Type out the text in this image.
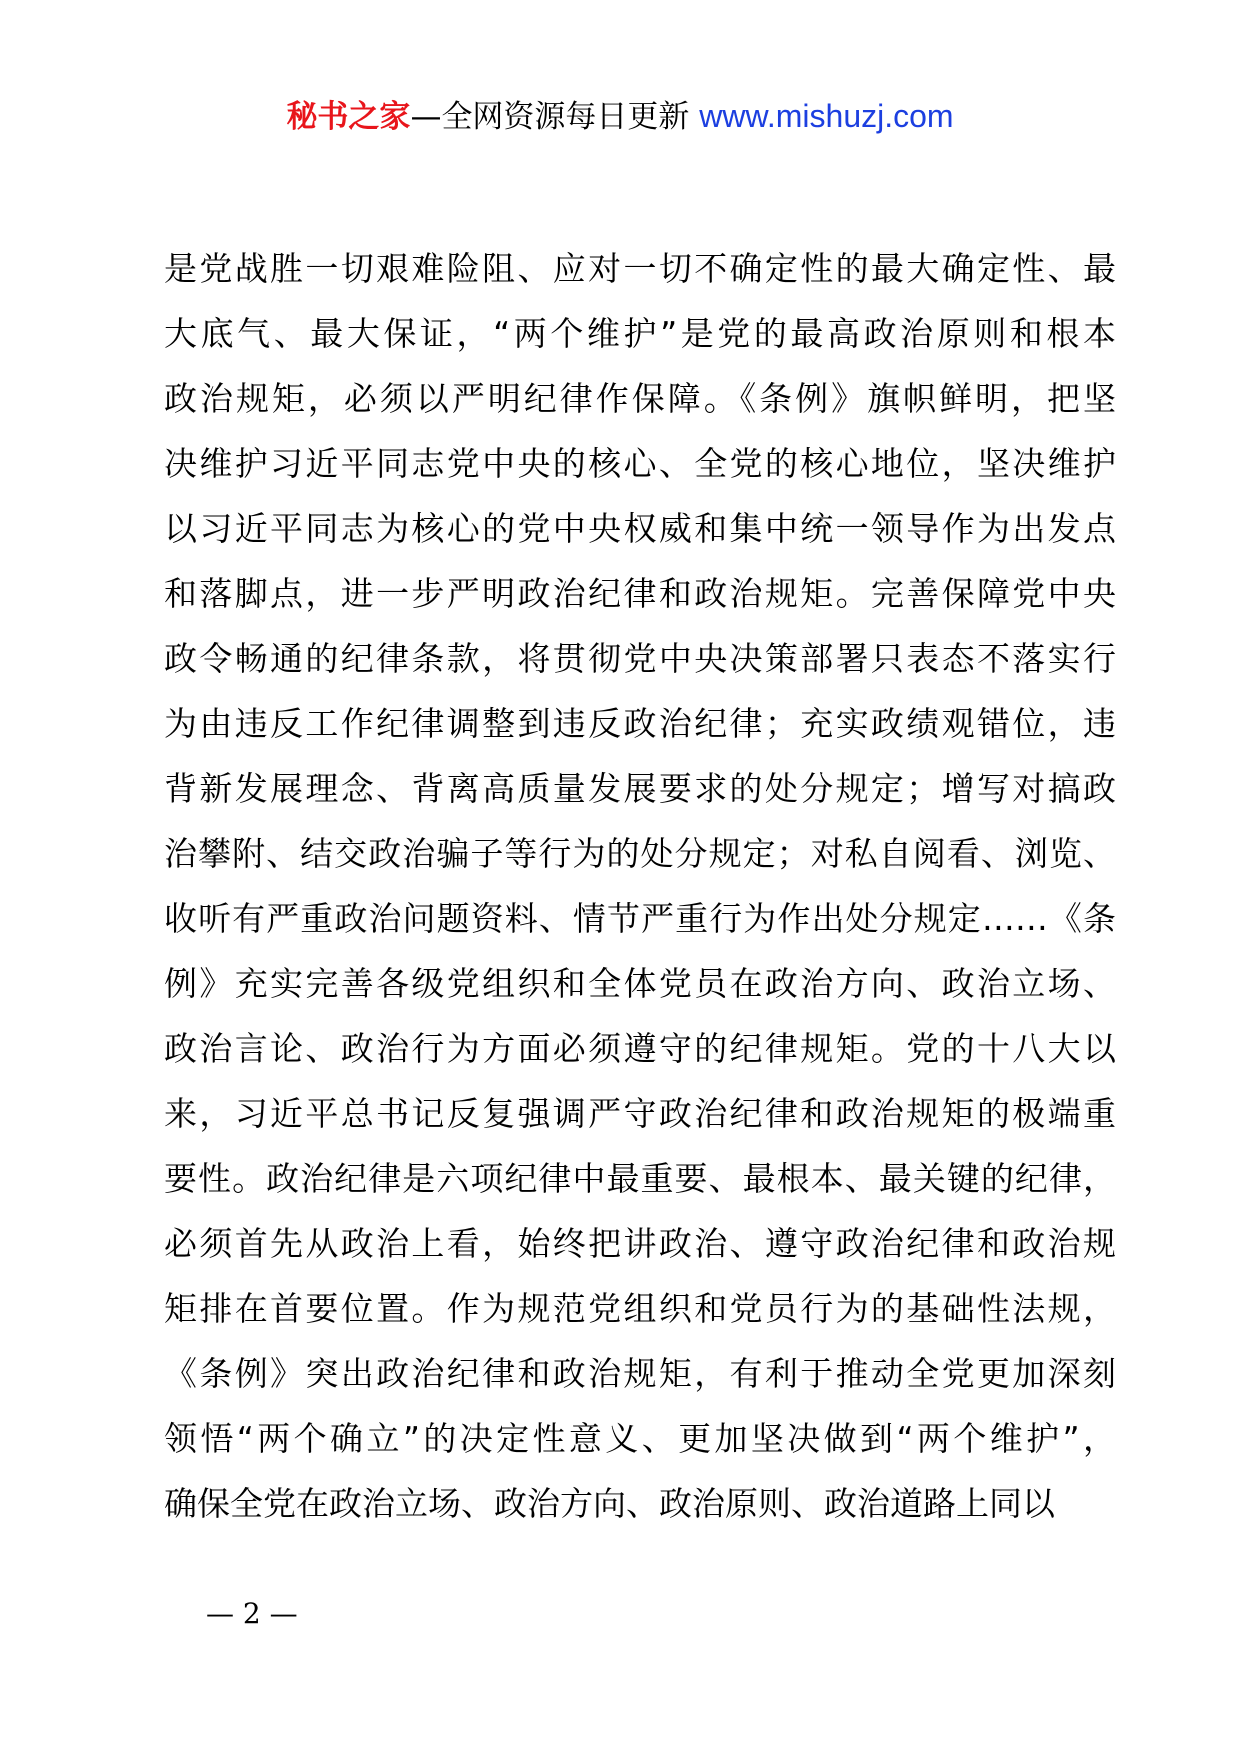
秘书之家—全网资源每日更新 www.mishuzj.com
是党战胜一切艰难险阻、应对一切不确定性的最大确定性、最
大底气、最大保证，“两个维护”是党的最高政治原则和根本
政治规矩，必须以严明纪律作保障。《条例》旗帜鲜明，把坚
决维护习近平同志党中央的核心、全党的核心地位，坚决维护
以习近平同志为核心的党中央权威和集中统一领导作为出发点
和落脚点，进一步严明政治纪律和政治规矩。完善保障党中央
政令畅通的纪律条款，将贯彻党中央决策部署只表态不落实行
为由违反工作纪律调整到违反政治纪律；充实政绩观错位，违
背新发展理念、背离高质量发展要求的处分规定；增写对搞政
治攀附、结交政治骗子等行为的处分规定；对私自阅看、浏览、
收听有严重政治问题资料、情节严重行为作出处分规定……《条
例》充实完善各级党组织和全体党员在政治方向、政治立场、
政治言论、政治行为方面必须遵守的纪律规矩。党的十八大以
来，习近平总书记反复强调严守政治纪律和政治规矩的极端重
要性。政治纪律是六项纪律中最重要、最根本、最关键的纪律，
必须首先从政治上看，始终把讲政治、遵守政治纪律和政治规
矩排在首要位置。作为规范党组织和党员行为的基础性法规，
《条例》突出政治纪律和政治规矩，有利于推动全党更加深刻
领悟“两个确立”的决定性意义、更加坚决做到“两个维护”，
确保全党在政治立场、政治方向、政治原则、政治道路上同以
— 2 —
